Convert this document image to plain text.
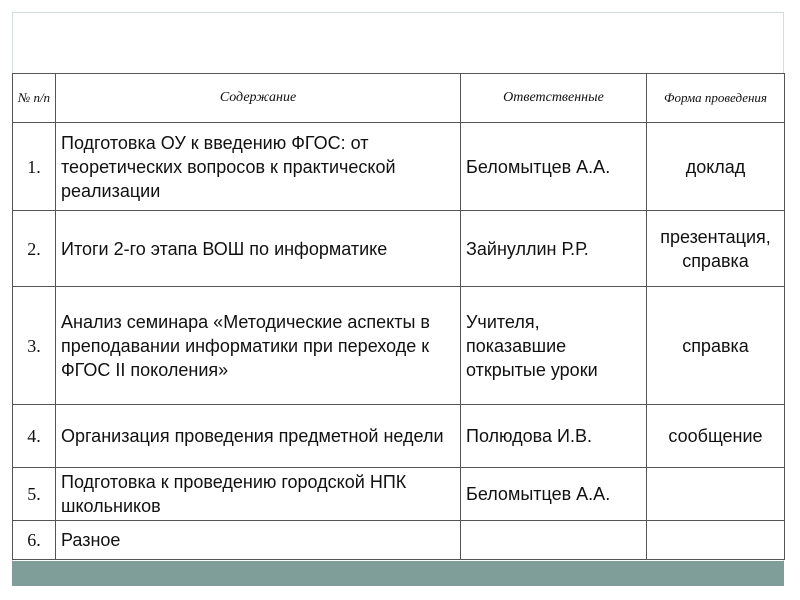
№ п/п	Содержание	Ответственные	Форма проведения
1.	Подготовка ОУ к введению ФГОС: от теоретических вопросов к практической реализации	Беломытцев А.А.	доклад
2.	Итоги 2-го этапа ВОШ по информатике	Зайнуллин Р.Р.	презентация, справка
3.	Анализ семинара «Методические аспекты в преподавании информатики при переходе к ФГОС II поколения»	Учителя, показавшие открытые уроки	справка
4.	Организация проведения предметной недели	Полюдова И.В.	сообщение
5.	Подготовка к проведению городской НПК школьников	Беломытцев А.А.	
6.	Разное		
